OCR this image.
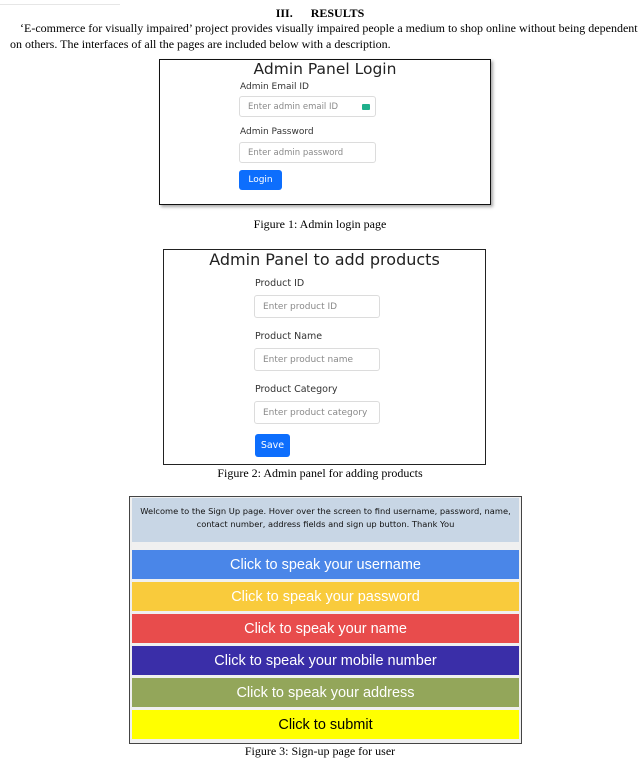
III. RESULTS
‘E-commerce for visually impaired’ project provides visually impaired people a medium to shop online without being dependent on others. The interfaces of all the pages are included below with a description.
Admin Panel Login
Admin Email ID
Enter admin email ID
Admin Password
Enter admin password
Login
Figure 1: Admin login page
Admin Panel to add products
Product ID
Enter product ID
Product Name
Enter product name
Product Category
Enter product category
Save
Figure 2: Admin panel for adding products
Welcome to the Sign Up page. Hover over the screen to find username, password, name,
contact number, address fields and sign up button. Thank You
Click to speak your username
Click to speak your password
Click to speak your name
Click to speak your mobile number
Click to speak your address
Click to submit
Figure 3: Sign-up page for user
